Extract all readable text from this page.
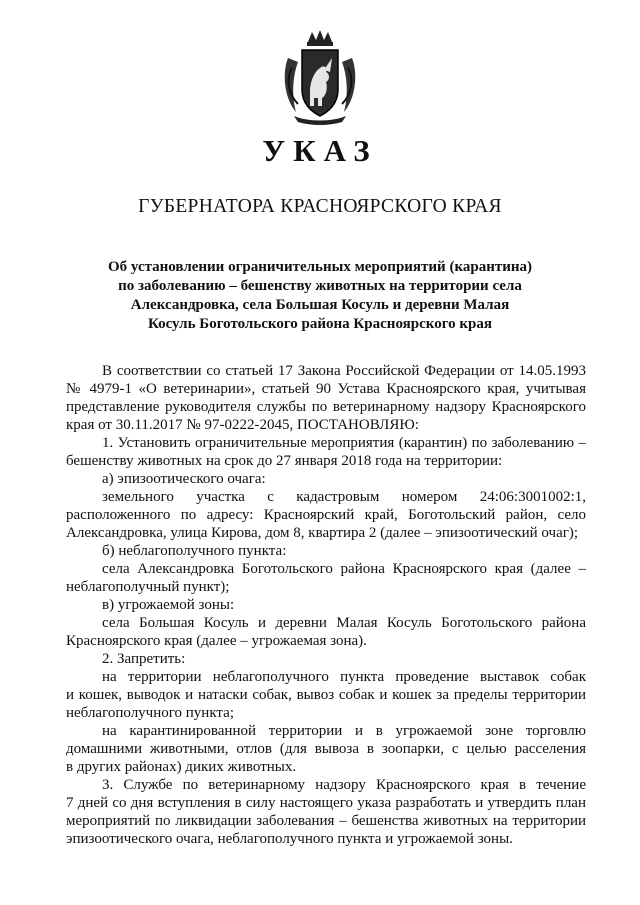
УКАЗ
ГУБЕРНАТОРА КРАСНОЯРСКОГО КРАЯ
Об установлении ограничительных мероприятий (карантина)
по заболеванию – бешенству животных на территории села
Александровка, села Большая Косуль и деревни Малая
Косуль Боготольского района Красноярского края
В соответствии со статьей 17 Закона Российской Федерации от 14.05.1993
№ 4979-1 «О ветеринарии», статьей 90 Устава Красноярского края, учитывая
представление руководителя службы по ветеринарному надзору Красноярского
края от 30.11.2017 № 97-0222-2045, ПОСТАНОВЛЯЮ:
1. Установить ограничительные мероприятия (карантин) по заболеванию –
бешенству животных на срок до 27 января 2018 года на территории:
а) эпизоотического очага:
земельного участка с кадастровым номером 24:06:3001002:1,
расположенного по адресу: Красноярский край, Боготольский район, село
Александровка, улица Кирова, дом 8, квартира 2 (далее – эпизоотический очаг);
б) неблагополучного пункта:
села Александровка Боготольского района Красноярского края (далее –
неблагополучный пункт);
в) угрожаемой зоны:
села Большая Косуль и деревни Малая Косуль Боготольского района
Красноярского края (далее – угрожаемая зона).
2. Запретить:
на территории неблагополучного пункта проведение выставок собак
и кошек, выводок и натаски собак, вывоз собак и кошек за пределы территории
неблагополучного пункта;
на карантинированной территории и в угрожаемой зоне торговлю
домашними животными, отлов (для вывоза в зоопарки, с целью расселения
в других районах) диких животных.
3. Службе по ветеринарному надзору Красноярского края в течение
7 дней со дня вступления в силу настоящего указа разработать и утвердить план
мероприятий по ликвидации заболевания – бешенства животных на территории
эпизоотического очага, неблагополучного пункта и угрожаемой зоны.
